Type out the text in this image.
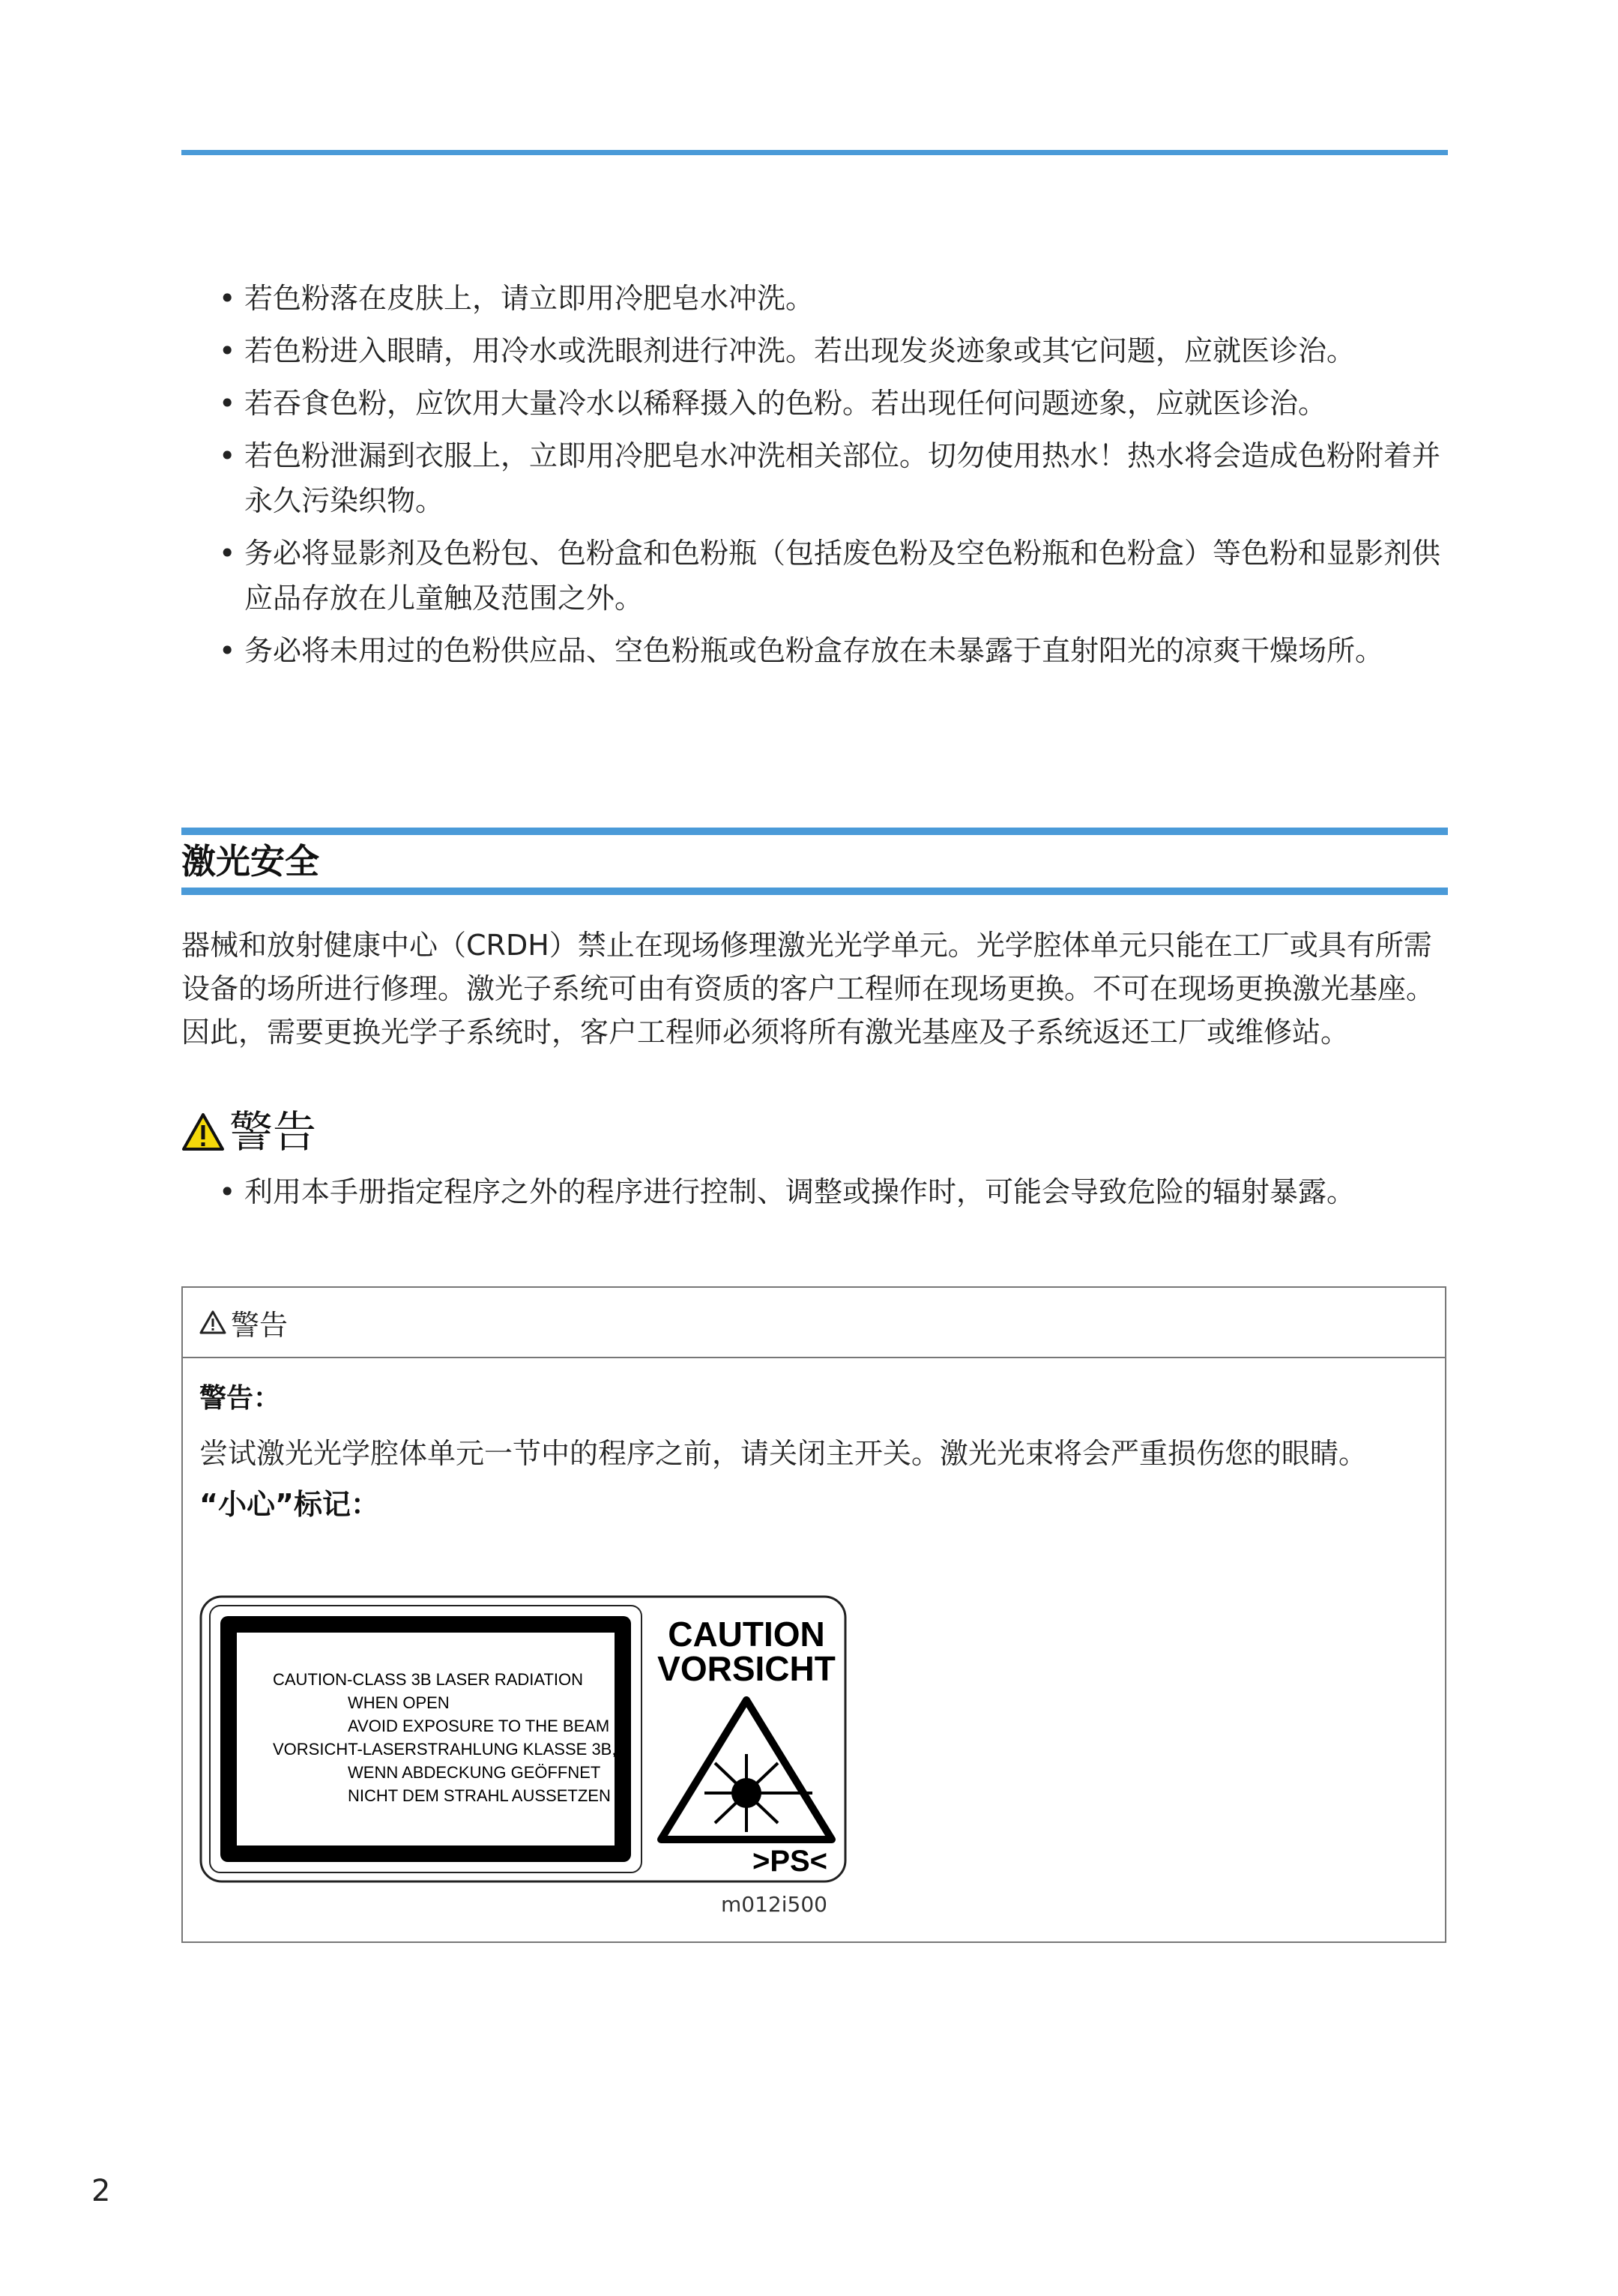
• 若色粉落在皮肤上，请立即用冷肥皂水冲洗。
• 若色粉进入眼睛，用冷水或洗眼剂进行冲洗。若出现发炎迹象或其它问题，应就医诊治。
• 若吞食色粉，应饮用大量冷水以稀释摄入的色粉。若出现任何问题迹象，应就医诊治。
• 若色粉泄漏到衣服上，立即用冷肥皂水冲洗相关部位。切勿使用热水！热水将会造成色粉附着并永久污染织物。
• 务必将显影剂及色粉包、色粉盒和色粉瓶（包括废色粉及空色粉瓶和色粉盒）等色粉和显影剂供应品存放在儿童触及范围之外。
• 务必将未用过的色粉供应品、空色粉瓶或色粉盒存放在未暴露于直射阳光的凉爽干燥场所。
激光安全

器械和放射健康中心（CRDH）禁止在现场修理激光光学单元。光学腔体单元只能在工厂或具有所需设备的场所进行修理。激光子系统可由有资质的客户工程师在现场更换。不可在现场更换激光基座。因此，需要更换光学子系统时，客户工程师必须将所有激光基座及子系统返还工厂或维修站。

警告
• 利用本手册指定程序之外的程序进行控制、调整或操作时，可能会导致危险的辐射暴露。
警告
警告：
尝试激光光学腔体单元一节中的程序之前，请关闭主开关。激光光束将会严重损伤您的眼睛。
“小心”标记：
CAUTION-CLASS 3B LASER RADIATION
WHEN OPEN
AVOID EXPOSURE TO THE BEAM
VORSICHT-LASERSTRAHLUNG KLASSE 3B,
WENN ABDECKUNG GEÖFFNET
NICHT DEM STRAHL AUSSETZEN
CAUTION
VORSICHT
>PS<
m012i500
2
